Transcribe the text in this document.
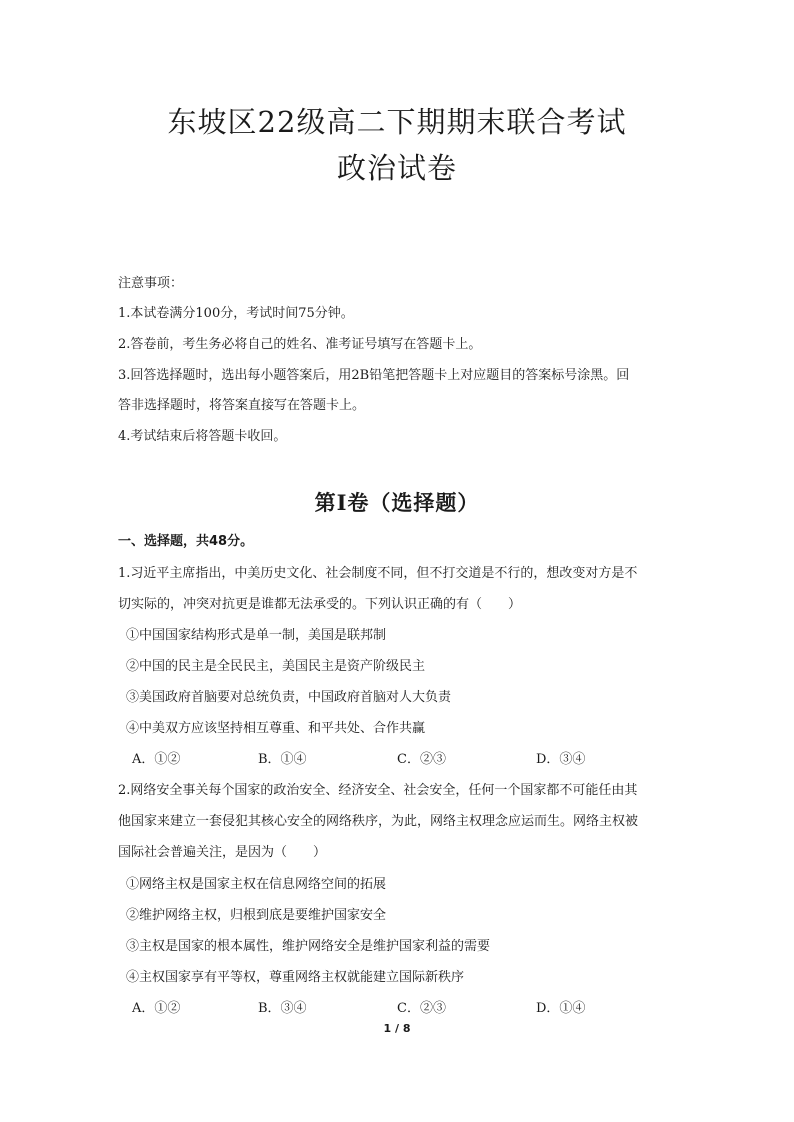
东坡区22级高二下期期末联合考试
政治试卷

注意事项：

1.本试卷满分100分，考试时间75分钟。

2.答卷前，考生务必将自己的姓名、准考证号填写在答题卡上。

3.回答选择题时，选出每小题答案后，用2B铅笔把答题卡上对应题目的答案标号涂黑。回

答非选择题时，将答案直接写在答题卡上。

4.考试结束后将答题卡收回。

第Ⅰ卷（选择题）

一、选择题，共48分。

1.习近平主席指出，中美历史文化、社会制度不同，但不打交道是不行的，想改变对方是不

切实际的，冲突对抗更是谁都无法承受的。下列认识正确的有（　　）

①中国国家结构形式是单一制，美国是联邦制

②中国的民主是全民民主，美国民主是资产阶级民主

③美国政府首脑要对总统负责，中国政府首脑对人大负责

④中美双方应该坚持相互尊重、和平共处、合作共赢

A．①②	B．①④	C．②③	D．③④

2.网络安全事关每个国家的政治安全、经济安全、社会安全，任何一个国家都不可能任由其

他国家来建立一套侵犯其核心安全的网络秩序，为此，网络主权理念应运而生。网络主权被

国际社会普遍关注，是因为（　　）

①网络主权是国家主权在信息网络空间的拓展

②维护网络主权，归根到底是要维护国家安全

③主权是国家的根本属性，维护网络安全是维护国家利益的需要

④主权国家享有平等权，尊重网络主权就能建立国际新秩序

A．①②	B．③④	C．②③	D．①④
1 / 8
